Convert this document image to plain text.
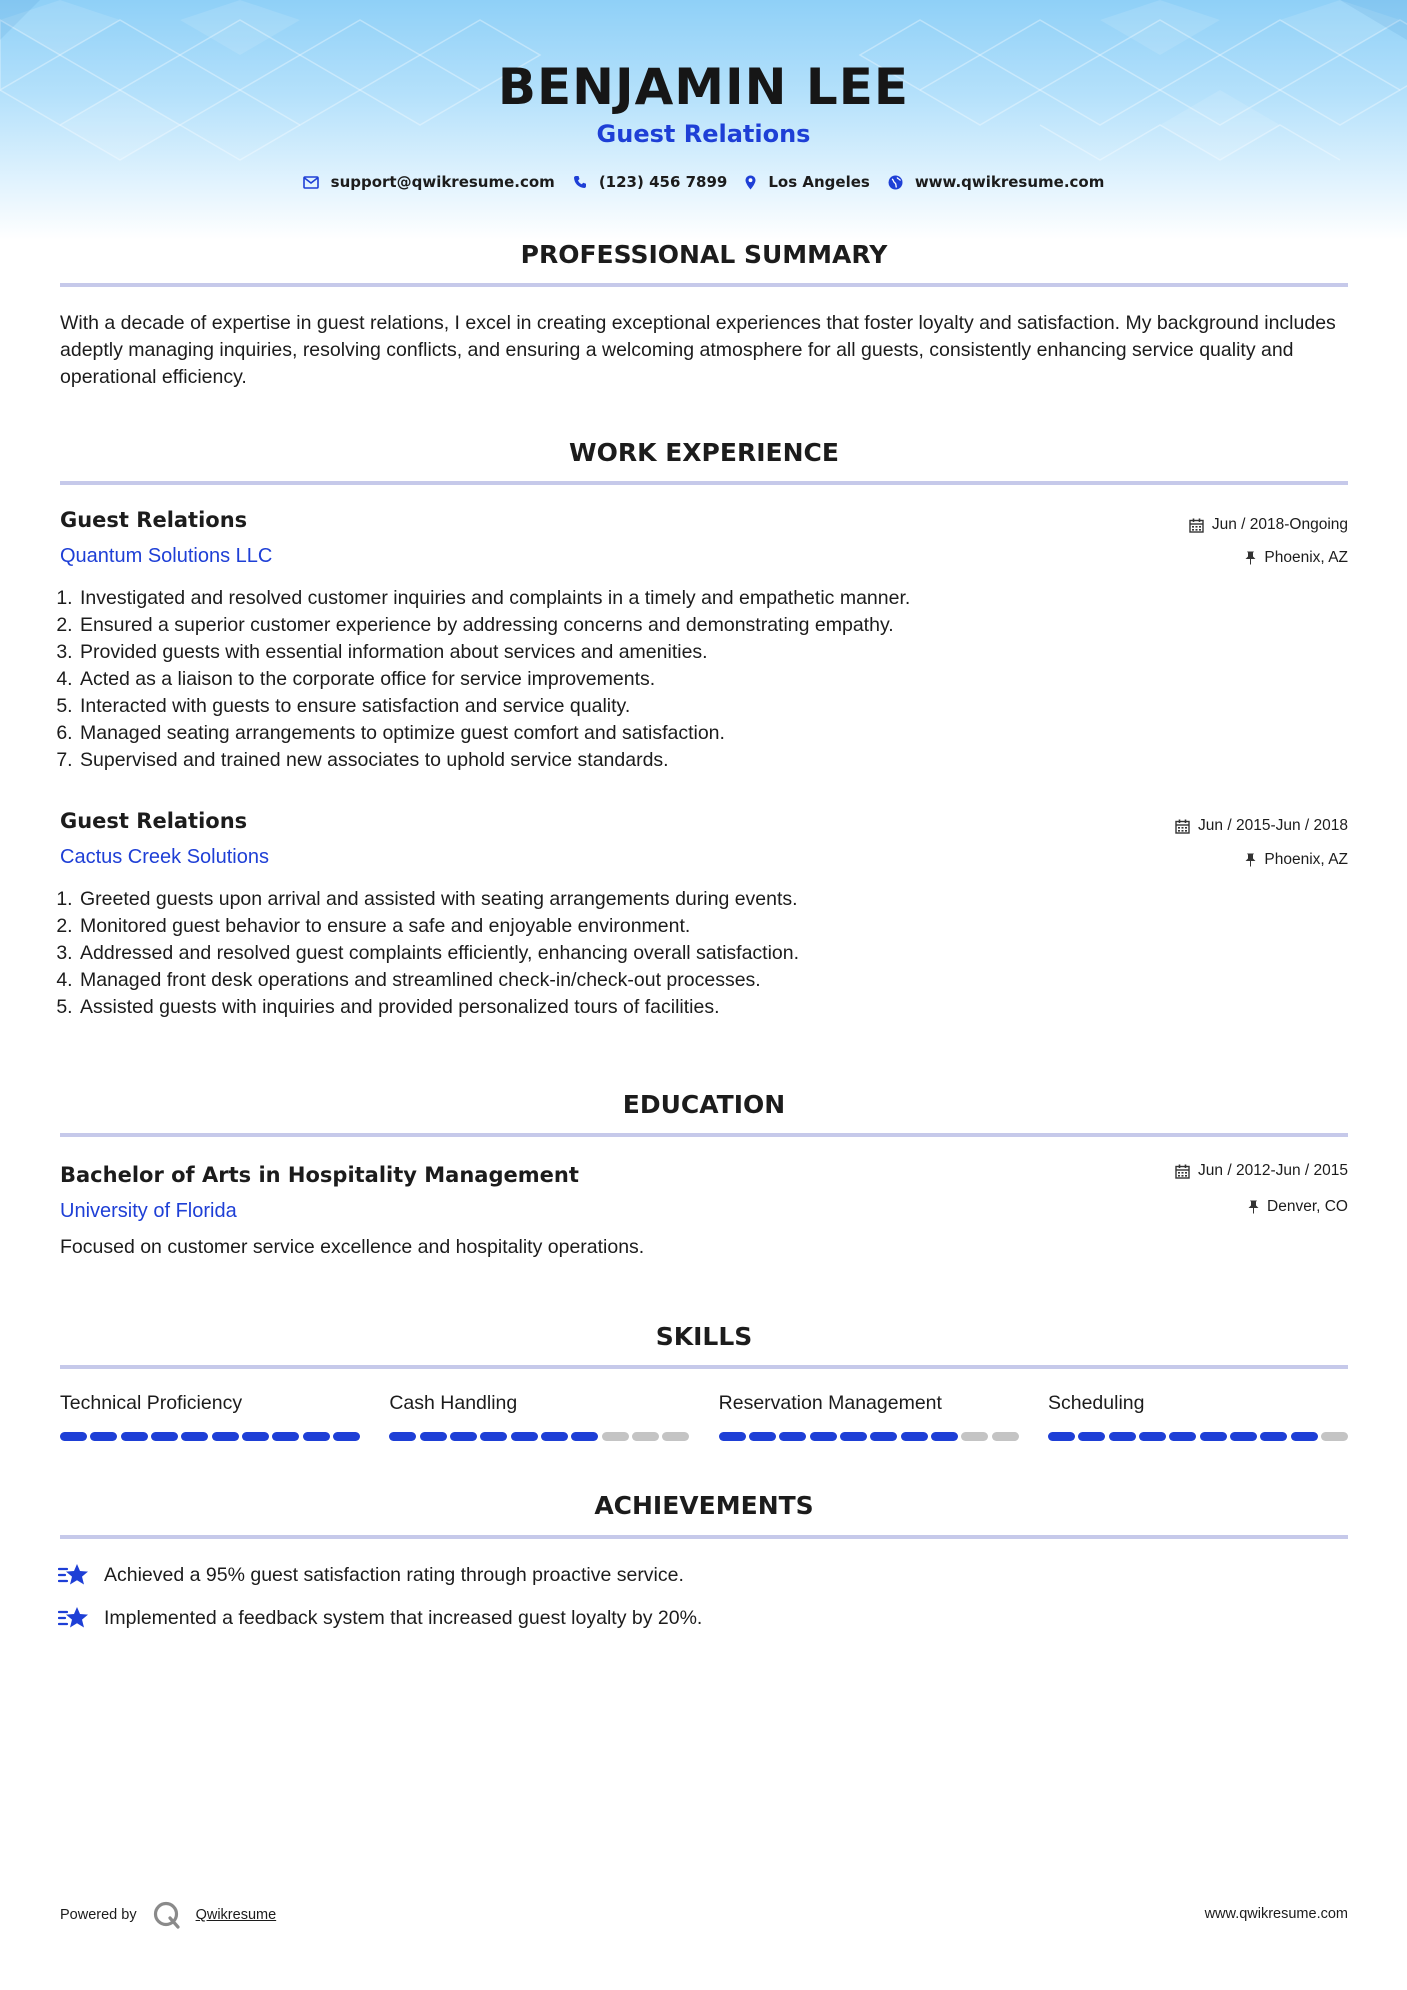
BENJAMIN LEE
Guest Relations
support@qwikresume.com	(123) 456 7899	Los Angeles	www.qwikresume.com
PROFESSIONAL SUMMARY
With a decade of expertise in guest relations, I excel in creating exceptional experiences that foster loyalty and satisfaction. My background includes adeptly managing inquiries, resolving conflicts, and ensuring a welcoming atmosphere for all guests, consistently enhancing service quality and operational efficiency.
WORK EXPERIENCE
Guest Relations	Jun / 2018-Ongoing
Quantum Solutions LLC	Phoenix, AZ
1. Investigated and resolved customer inquiries and complaints in a timely and empathetic manner.
2. Ensured a superior customer experience by addressing concerns and demonstrating empathy.
3. Provided guests with essential information about services and amenities.
4. Acted as a liaison to the corporate office for service improvements.
5. Interacted with guests to ensure satisfaction and service quality.
6. Managed seating arrangements to optimize guest comfort and satisfaction.
7. Supervised and trained new associates to uphold service standards.
Guest Relations	Jun / 2015-Jun / 2018
Cactus Creek Solutions	Phoenix, AZ
1. Greeted guests upon arrival and assisted with seating arrangements during events.
2. Monitored guest behavior to ensure a safe and enjoyable environment.
3. Addressed and resolved guest complaints efficiently, enhancing overall satisfaction.
4. Managed front desk operations and streamlined check-in/check-out processes.
5. Assisted guests with inquiries and provided personalized tours of facilities.
EDUCATION
Bachelor of Arts in Hospitality Management	Jun / 2012-Jun / 2015
University of Florida	Denver, CO
Focused on customer service excellence and hospitality operations.
SKILLS
Technical Proficiency	Cash Handling	Reservation Management	Scheduling
ACHIEVEMENTS
Achieved a 95% guest satisfaction rating through proactive service.
Implemented a feedback system that increased guest loyalty by 20%.
Powered by	Qwikresume	www.qwikresume.com
